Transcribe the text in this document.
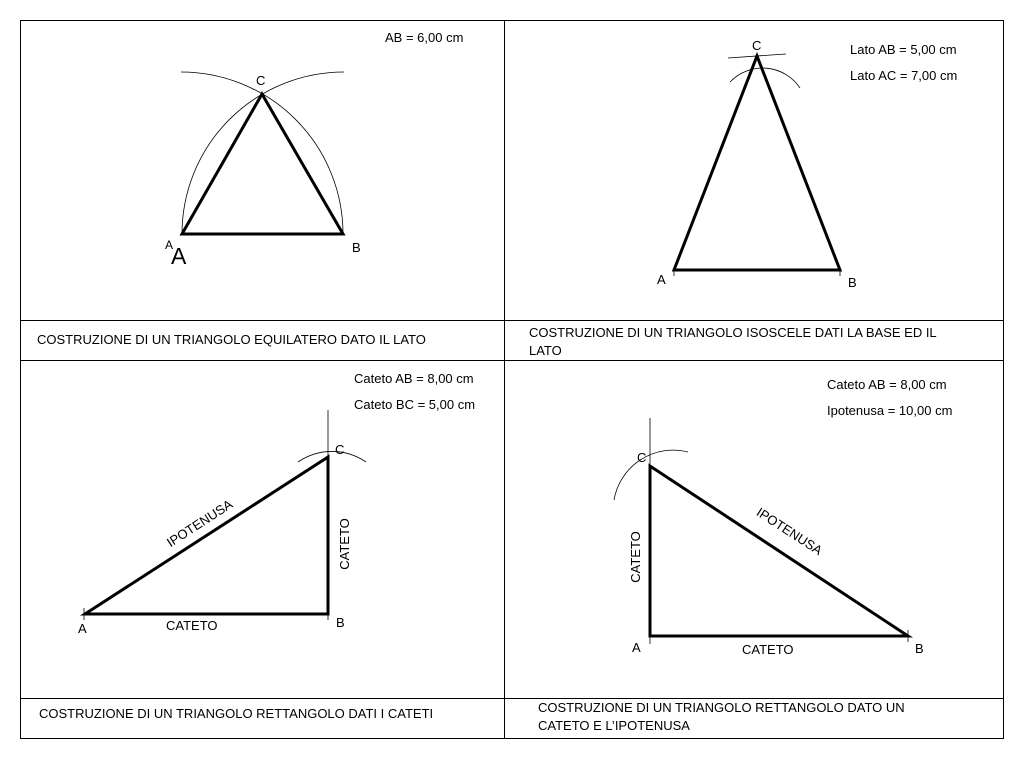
AB = 6,00 cm
C
A
A	B
COSTRUZIONE DI UN TRIANGOLO EQUILATERO DATO IL LATO
C	Lato AB = 5,00 cm
Lato AC = 7,00 cm
A	B
COSTRUZIONE DI UN TRIANGOLO ISOSCELE DATI LA BASE ED IL
LATO
Cateto AB = 8,00 cm
Cateto BC = 5,00 cm
C
B
A	CATETO
IPOTENUSA	CATETO
COSTRUZIONE DI UN TRIANGOLO RETTANGOLO DATI I CATETI
Cateto AB = 8,00 cm
Ipotenusa = 10,00 cm
C
A	B
CATETO
CATETO	IPOTENUSA
COSTRUZIONE DI UN TRIANGOLO RETTANGOLO DATO UN
CATETO E L’IPOTENUSA
